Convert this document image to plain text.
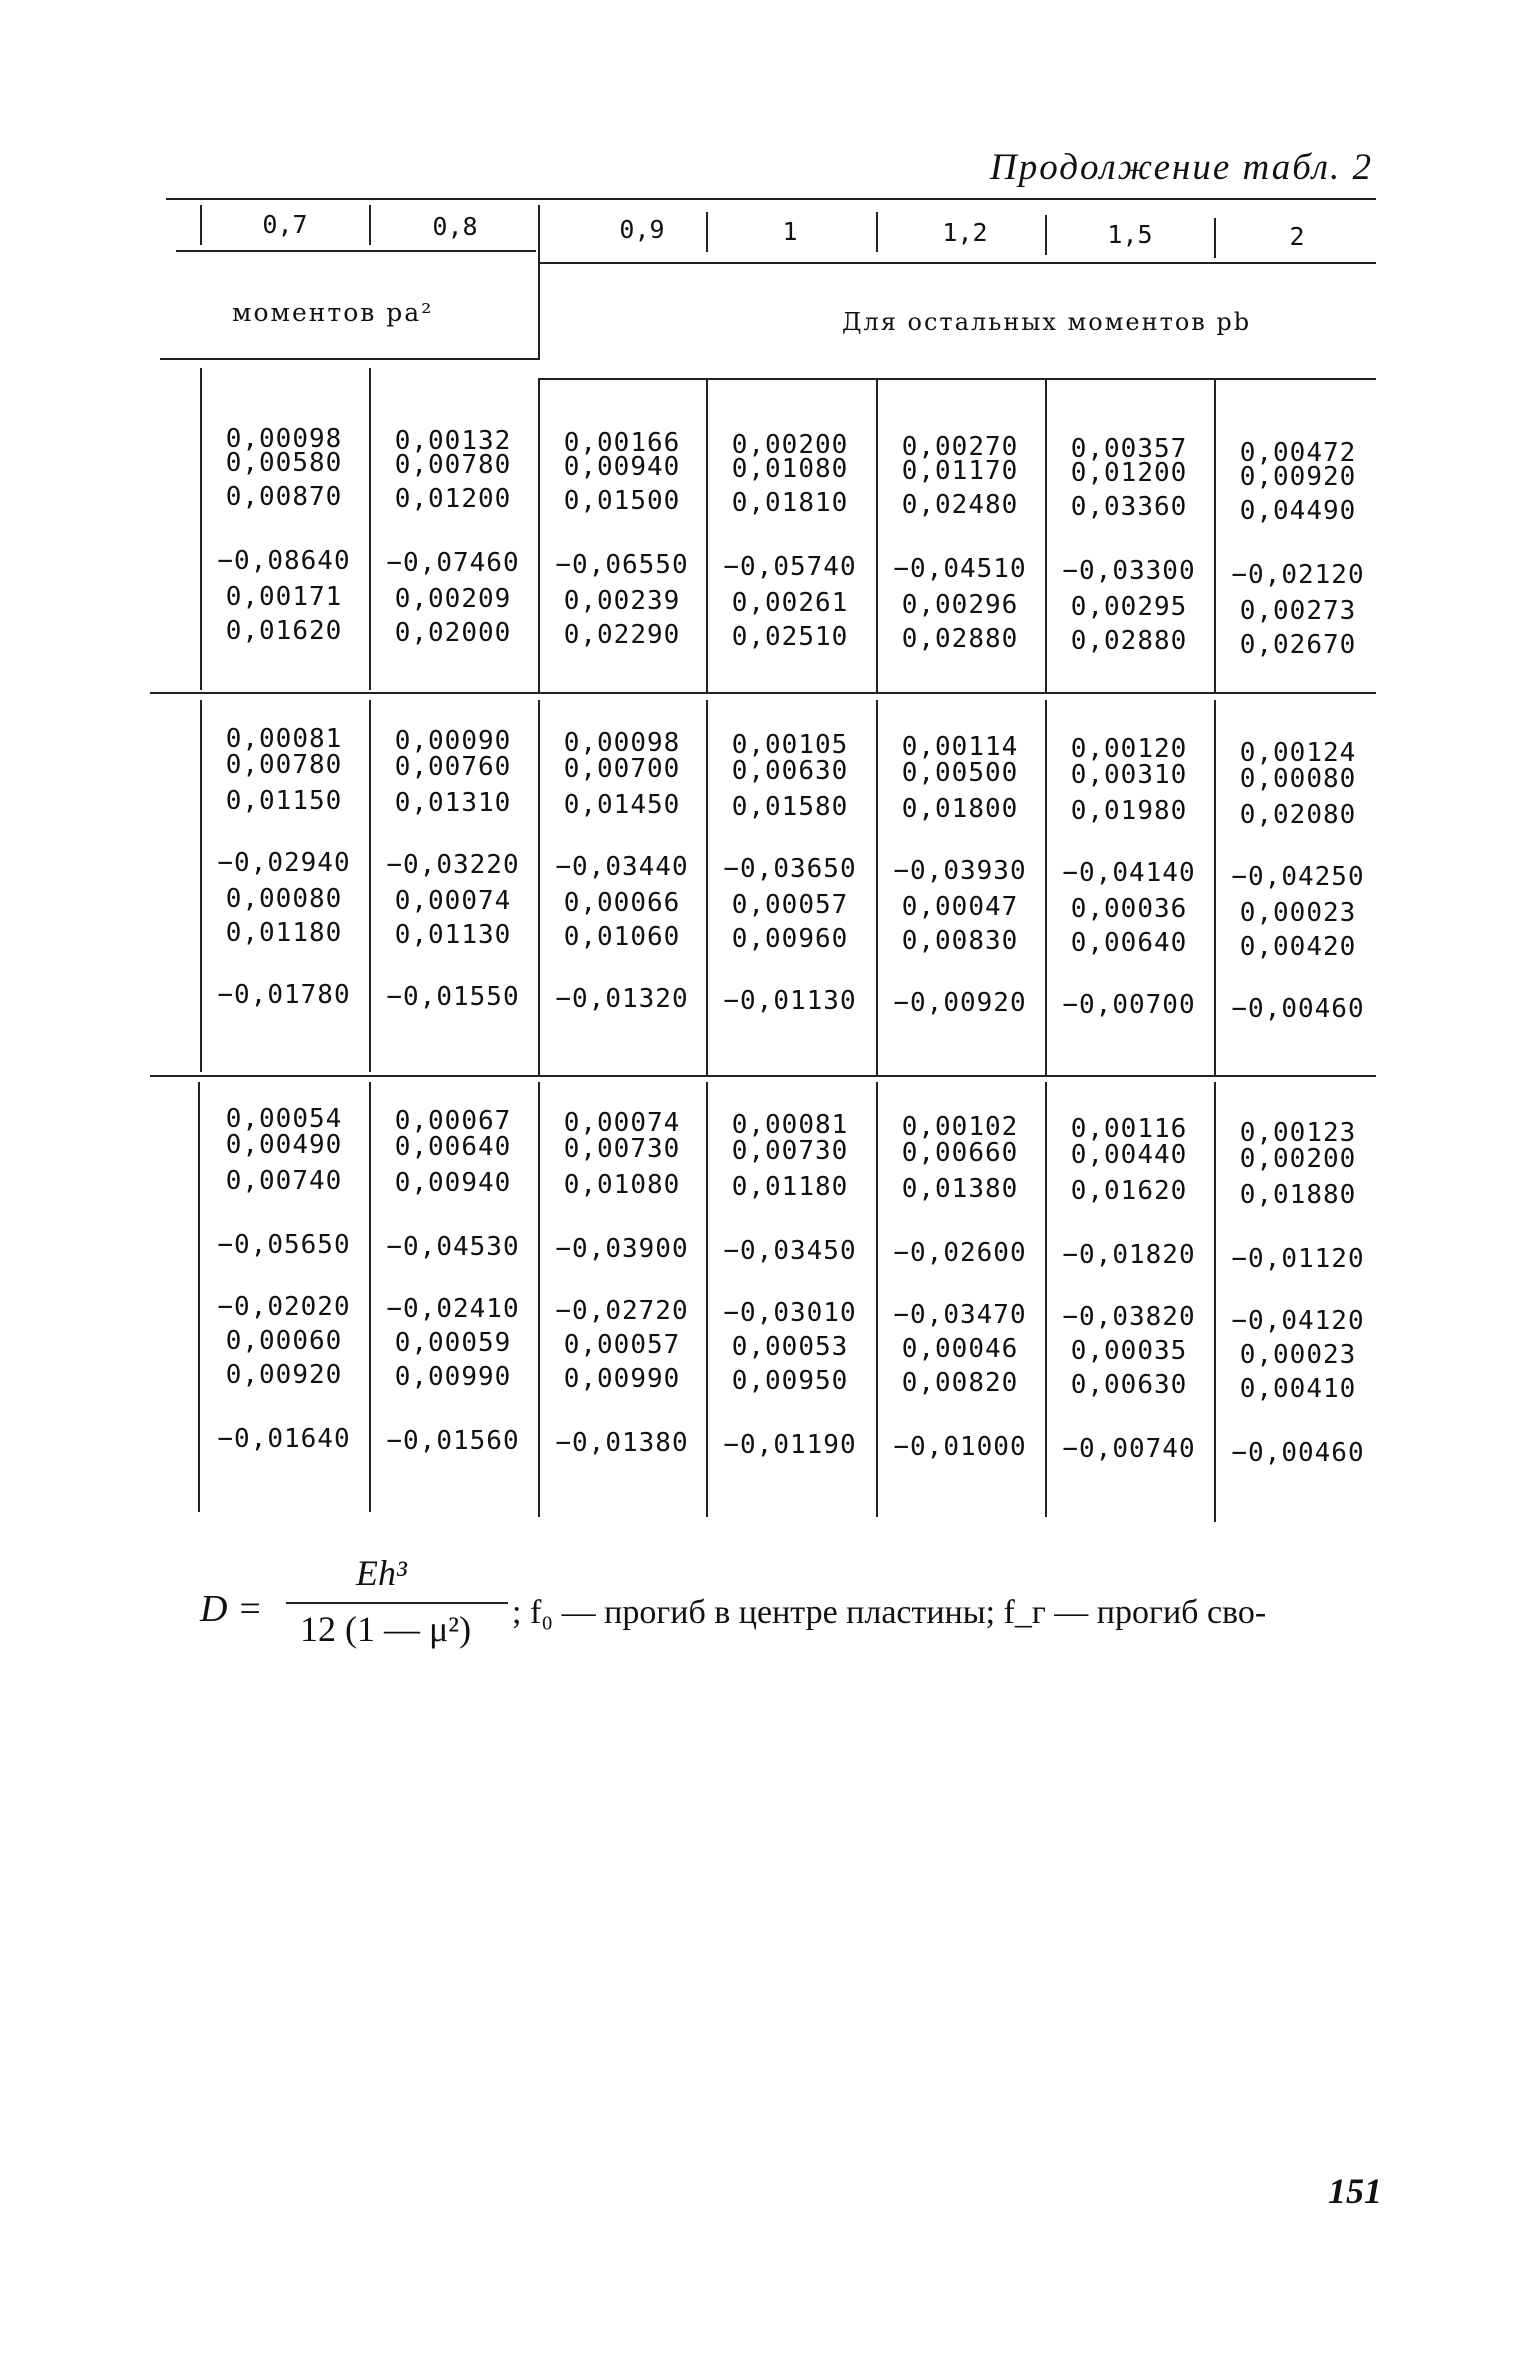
Продолжение табл. 2
0,7	0,8	0,9	1	1,2	1,5	2
моментов pa²	Для остальных моментов pb
0,00098	0,00132	0,00166	0,00200	0,00270	0,00357	0,00472
0,00580	0,00780	0,00940	0,01080	0,01170	0,01200	0,00920
0,00870	0,01200	0,01500	0,01810	0,02480	0,03360	0,04490
−0,08640	−0,07460	−0,06550	−0,05740	−0,04510	−0,03300	−0,02120
0,00171	0,00209	0,00239	0,00261	0,00296	0,00295	0,00273
0,01620	0,02000	0,02290	0,02510	0,02880	0,02880	0,02670
0,00081	0,00090	0,00098	0,00105	0,00114	0,00120	0,00124
0,00780	0,00760	0,00700	0,00630	0,00500	0,00310	0,00080
0,01150	0,01310	0,01450	0,01580	0,01800	0,01980	0,02080
−0,02940	−0,03220	−0,03440	−0,03650	−0,03930	−0,04140	−0,04250
0,00080	0,00074	0,00066	0,00057	0,00047	0,00036	0,00023
0,01180	0,01130	0,01060	0,00960	0,00830	0,00640	0,00420
−0,01780	−0,01550	−0,01320	−0,01130	−0,00920	−0,00700	−0,00460
0,00054	0,00067	0,00074	0,00081	0,00102	0,00116	0,00123
0,00490	0,00640	0,00730	0,00730	0,00660	0,00440	0,00200
0,00740	0,00940	0,01080	0,01180	0,01380	0,01620	0,01880
−0,05650	−0,04530	−0,03900	−0,03450	−0,02600	−0,01820	−0,01120
−0,02020	−0,02410	−0,02720	−0,03010	−0,03470	−0,03820	−0,04120
0,00060	0,00059	0,00057	0,00053	0,00046	0,00035	0,00023
0,00920	0,00990	0,00990	0,00950	0,00820	0,00630	0,00410
−0,01640	−0,01560	−0,01380	−0,01190	−0,01000	−0,00740	−0,00460
D =
Eh³
12 (1 — μ²) ; f₀ — прогиб в центре пластины; f_г — прогиб сво-
151
